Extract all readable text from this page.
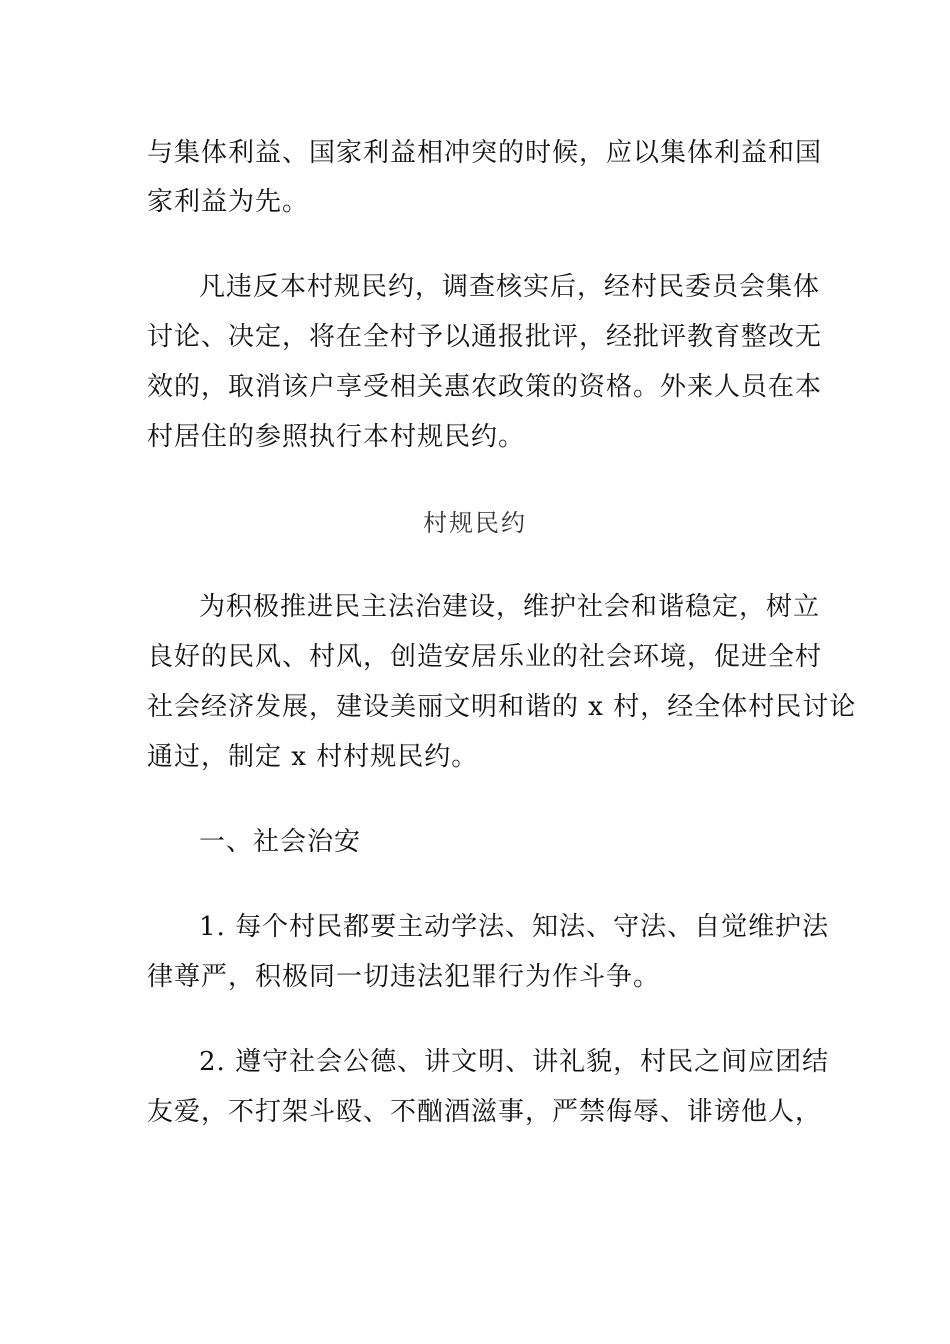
与集体利益、国家利益相冲突的时候，应以集体利益和国
家利益为先。
凡违反本村规民约，调查核实后，经村民委员会集体
讨论、决定，将在全村予以通报批评，经批评教育整改无
效的，取消该户享受相关惠农政策的资格。外来人员在本
村居住的参照执行本村规民约。
村规民约
为积极推进民主法治建设，维护社会和谐稳定，树立
良好的民风、村风，创造安居乐业的社会环境，促进全村
社会经济发展，建设美丽文明和谐的 x 村，经全体村民讨论
通过，制定 x 村村规民约。
一、社会治安
1. 每个村民都要主动学法、知法、守法、自觉维护法
律尊严，积极同一切违法犯罪行为作斗争。
2. 遵守社会公德、讲文明、讲礼貌，村民之间应团结
友爱，不打架斗殴、不酗酒滋事，严禁侮辱、诽谤他人，
